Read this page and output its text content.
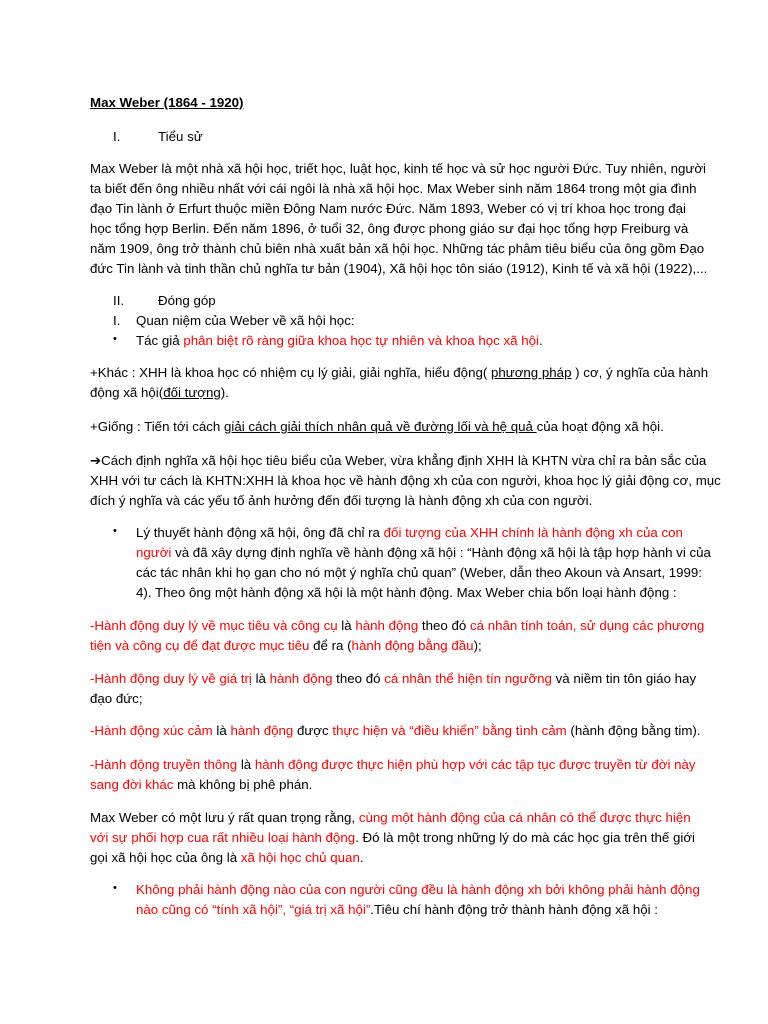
Max Weber (1864 - 1920)
I.	Tiểu sử
Max Weber là một nhà xã hội học, triết học, luật học, kinh tế học và sử học người Đức. Tuy nhiên, người
ta biết đến ông nhiều nhất với cái ngôi là nhà xã hội học. Max Weber sinh năm 1864 trong một gia đình
đạo Tin lành ở Erfurt thuộc miền Đông Nam nước Đức. Năm 1893, Weber có vị trí khoa học trong đại
học tổng hợp Berlin. Đến năm 1896, ở tuổi 32, ông được phong giáo sư đại học tổng hợp Freiburg và
năm 1909, ông trở thành chủ biên nhà xuất bản xã hội học. Những tác phâm tiêu biểu của ông gồm Đạo
đức Tin lành và tinh thần chủ nghĩa tư bản (1904), Xã hội học tôn siáo (1912), Kinh tế và xã hội (1922),...
II.	Đóng góp
I. Quan niệm của Weber về xã hội học:
• Tác giả phân biệt rõ ràng giữa khoa học tự nhiên và khoa học xã hội.
+Khác : XHH là khoa học có nhiệm cụ lý giải, giải nghĩa, hiểu động( phương pháp ) cơ, ý nghĩa của hành
động xã hội(đối tượng).
+Giống : Tiến tới cách giải cách giải thích nhân quả về đường lối và hệ quả của hoạt động xã hội.
➔Cách định nghĩa xã hội học tiêu biểu của Weber, vừa khẳng định XHH là KHTN vừa chỉ ra bản sắc của
XHH với tư cách là KHTN:XHH là khoa học về hành động xh của con người, khoa học lý giải động cơ, mục
đích ý nghĩa và các yếu tố ảnh hưởng đến đối tượng là hành động xh của con người.
• Lý thuyết hành động xã hội, ông đã chỉ ra đối tượng của XHH chính là hành động xh của con
người và đã xây dựng định nghĩa về hành động xã hội : “Hành động xã hội là tập hợp hành vi của
các tác nhân khi họ gan cho nó một ý nghĩa chủ quan” (Weber, dẫn theo Akoun và Ansart, 1999:
4). Theo ông một hành động xã hội là một hành động. Max Weber chia bốn loại hành động :
-Hành động duy lý về mục tiêu và công cụ là hành động theo đó cá nhân tính toán, sử dụng các phương
tiện và công cụ để đạt được mục tiêu để ra (hành động bằng đầu);
-Hành động duy lý về giá trị là hành động theo đó cá nhân thể hiện tín ngưỡng và niềm tin tôn giáo hay
đạo đức;
-Hành động xúc cảm là hành động được thực hiện và “điều khiển” bằng tình cảm (hành động bằng tim).
-Hành động truyền thông là hành động được thực hiện phù hợp với các tập tục được truyền từ đời này
sang đời khác mà không bị phê phán.
Max Weber có một lưu ý rất quan trọng rằng, cùng một hành động của cá nhân có thể được thực hiện
với sự phối hợp cua rất nhiều loại hành động. Đó là một trong những lý do mà các học gia trên thế giới
gọi xã hội học của ông là xã hội học chủ quan.
• Không phải hành động nào của con người cũng đều là hành động xh bởi không phải hành động
nào cũng có “tính xã hội”, “giá trị xã hội”.Tiêu chí hành động trở thành hành động xã hội :
